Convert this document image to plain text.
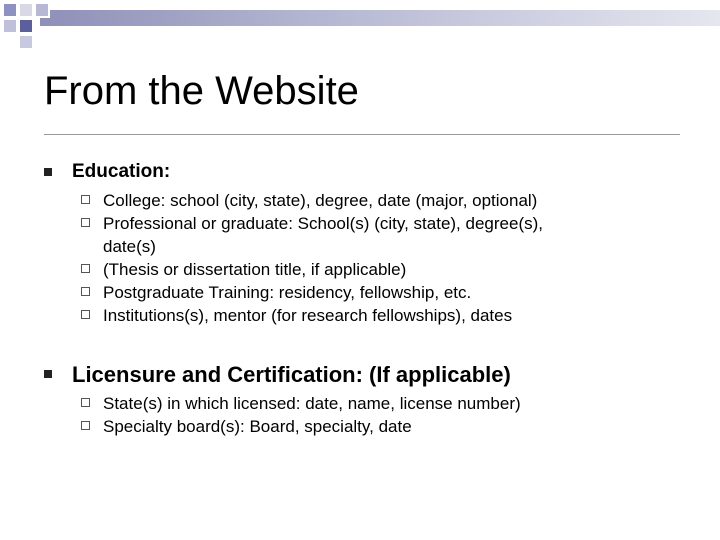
From the Website
Education:
College: school (city, state), degree, date (major, optional)
Professional or graduate: School(s) (city, state), degree(s),
date(s)
(Thesis or dissertation title, if applicable)
Postgraduate Training: residency, fellowship, etc.
Institutions(s), mentor (for research fellowships), dates
Licensure and Certification: (If applicable)
State(s) in which licensed: date, name, license number)
Specialty board(s): Board, specialty, date
